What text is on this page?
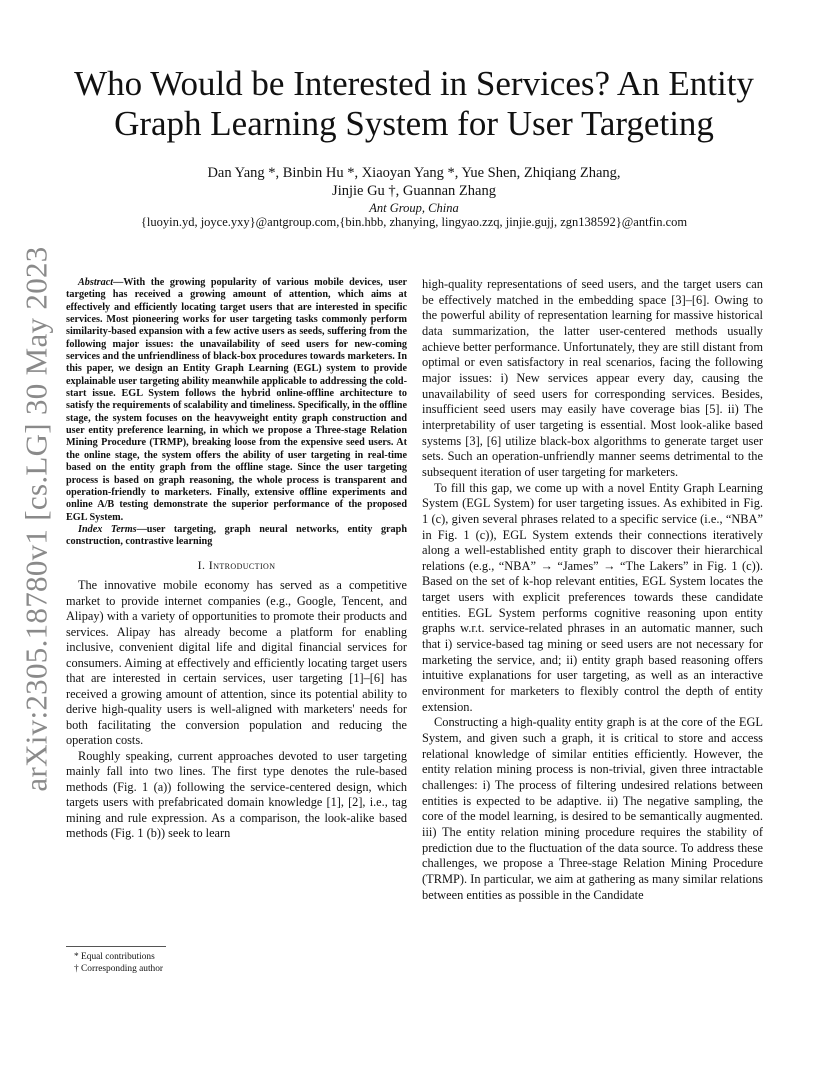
arXiv:2305.18780v1 [cs.LG] 30 May 2023
Who Would be Interested in Services? An Entity Graph Learning System for User Targeting
Dan Yang *, Binbin Hu *, Xiaoyan Yang *, Yue Shen, Zhiqiang Zhang,
Jinjie Gu †, Guannan Zhang
Ant Group, China
{luoyin.yd, joyce.yxy}@antgroup.com,{bin.hbb, zhanying, lingyao.zzq, jinjie.gujj, zgn138592}@antfin.com

Abstract—With the growing popularity of various mobile devices, user targeting has received a growing amount of attention, which aims at effectively and efficiently locating target users that are interested in specific services. Most pioneering works for user targeting tasks commonly perform similarity-based expansion with a few active users as seeds, suffering from the following major issues: the unavailability of seed users for new-coming services and the unfriendliness of black-box procedures towards marketers. In this paper, we design an Entity Graph Learning (EGL) system to provide explainable user targeting ability meanwhile applicable to addressing the cold-start issue. EGL System follows the hybrid online-offline architecture to satisfy the requirements of scalability and timeliness. Specifically, in the offline stage, the system focuses on the heavyweight entity graph construction and user entity preference learning, in which we propose a Three-stage Relation Mining Procedure (TRMP), breaking loose from the expensive seed users. At the online stage, the system offers the ability of user targeting in real-time based on the entity graph from the offline stage. Since the user targeting process is based on graph reasoning, the whole process is transparent and operation-friendly to marketers. Finally, extensive offline experiments and online A/B testing demonstrate the superior performance of the proposed EGL System.

Index Terms—user targeting, graph neural networks, entity graph construction, contrastive learning

I. Introduction

The innovative mobile economy has served as a competitive market to provide internet companies (e.g., Google, Tencent, and Alipay) with a variety of opportunities to promote their products and services. Alipay has already become a platform for enabling inclusive, convenient digital life and digital financial services for consumers. Aiming at effectively and efficiently locating target users that are interested in certain services, user targeting [1]–[6] has received a growing amount of attention, since its potential ability to derive high-quality users is well-aligned with marketers' needs for both facilitating the conversion population and reducing the operation costs.

Roughly speaking, current approaches devoted to user targeting mainly fall into two lines. The first type denotes the rule-based methods (Fig. 1 (a)) following the service-centered design, which targets users with prefabricated domain knowledge [1], [2], i.e., tag mining and rule expression. As a comparison, the look-alike based methods (Fig. 1 (b)) seek to learn

* Equal contributions
† Corresponding author

high-quality representations of seed users, and the target users can be effectively matched in the embedding space [3]–[6]. Owing to the powerful ability of representation learning for massive historical data summarization, the latter user-centered methods usually achieve better performance. Unfortunately, they are still distant from optimal or even satisfactory in real scenarios, facing the following major issues: i) New services appear every day, causing the unavailability of seed users for corresponding services. Besides, insufficient seed users may easily have coverage bias [5]. ii) The interpretability of user targeting is essential. Most look-alike based systems [3], [6] utilize black-box algorithms to generate target user sets. Such an operation-unfriendly manner seems detrimental to the subsequent iteration of user targeting for marketers.

To fill this gap, we come up with a novel Entity Graph Learning System (EGL System) for user targeting issues. As exhibited in Fig. 1 (c), given several phrases related to a specific service (i.e., “NBA” in Fig. 1 (c)), EGL System extends their connections iteratively along a well-established entity graph to discover their hierarchical relations (e.g., “NBA” → “James” → “The Lakers” in Fig. 1 (c)). Based on the set of k-hop relevant entities, EGL System locates the target users with explicit preferences towards these candidate entities. EGL System performs cognitive reasoning upon entity graphs w.r.t. service-related phrases in an automatic manner, such that i) service-based tag mining or seed users are not necessary for marketing the service, and; ii) entity graph based reasoning offers intuitive explanations for user targeting, as well as an interactive environment for marketers to flexibly control the depth of entity extension.

Constructing a high-quality entity graph is at the core of the EGL System, and given such a graph, it is critical to store and access relational knowledge of similar entities efficiently. However, the entity relation mining process is non-trivial, given three intractable challenges: i) The process of filtering undesired relations between entities is expected to be adaptive. ii) The negative sampling, the core of the model learning, is desired to be semantically augmented. iii) The entity relation mining procedure requires the stability of prediction due to the fluctuation of the data source. To address these challenges, we propose a Three-stage Relation Mining Procedure (TRMP). In particular, we aim at gathering as many similar relations between entities as possible in the Candidate
